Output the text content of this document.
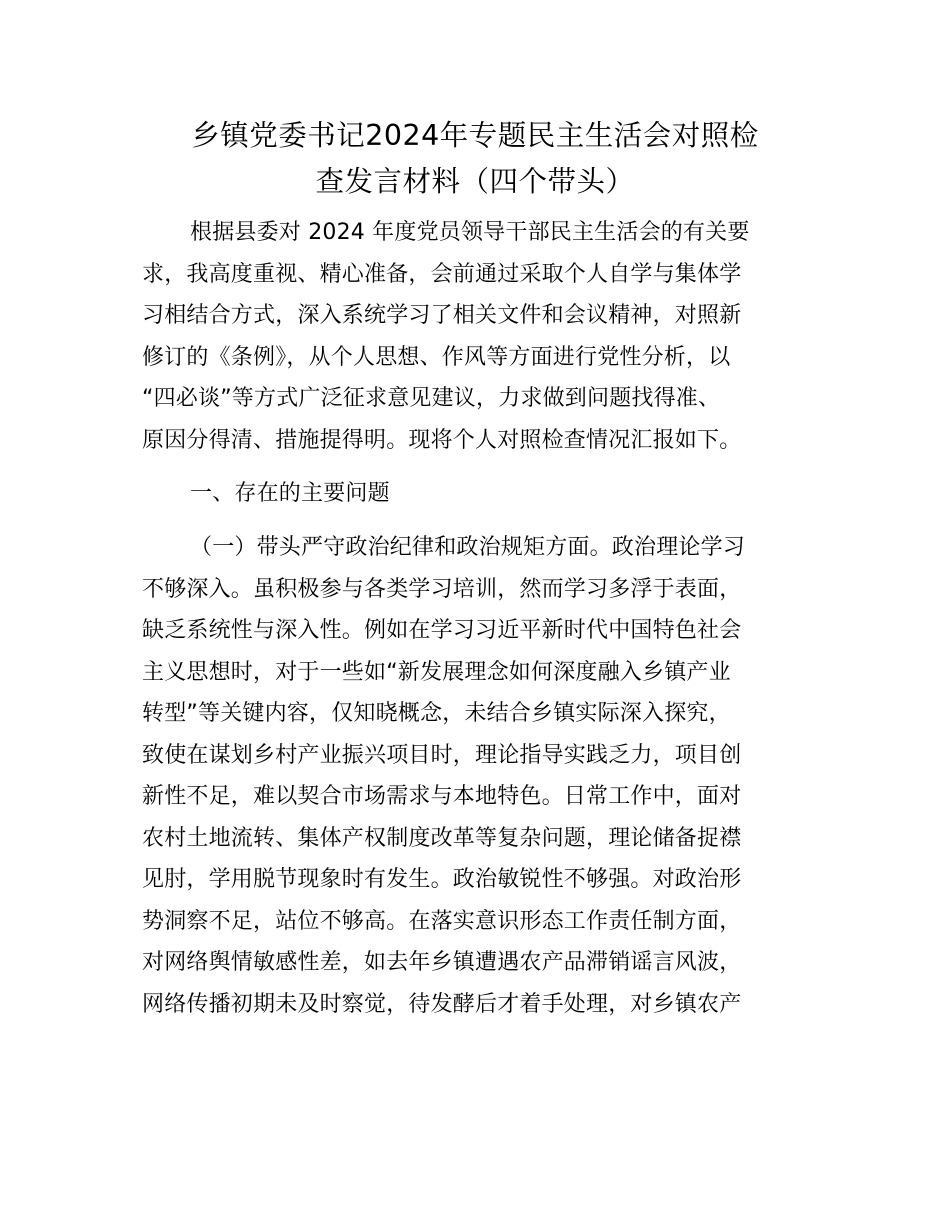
乡镇党委书记2024年专题民主生活会对照检
查发言材料（四个带头）
根据县委对 2024 年度党员领导干部民主生活会的有关要
求，我高度重视、精心准备，会前通过采取个人自学与集体学
习相结合方式，深入系统学习了相关文件和会议精神，对照新
修订的《条例》，从个人思想、作风等方面进行党性分析，以
“四必谈”等方式广泛征求意见建议，力求做到问题找得准、
原因分得清、措施提得明。现将个人对照检查情况汇报如下。
一、存在的主要问题
（一）带头严守政治纪律和政治规矩方面。政治理论学习
不够深入。虽积极参与各类学习培训，然而学习多浮于表面，
缺乏系统性与深入性。例如在学习习近平新时代中国特色社会
主义思想时，对于一些如“新发展理念如何深度融入乡镇产业
转型”等关键内容，仅知晓概念，未结合乡镇实际深入探究，
致使在谋划乡村产业振兴项目时，理论指导实践乏力，项目创
新性不足，难以契合市场需求与本地特色。日常工作中，面对
农村土地流转、集体产权制度改革等复杂问题，理论储备捉襟
见肘，学用脱节现象时有发生。政治敏锐性不够强。对政治形
势洞察不足，站位不够高。在落实意识形态工作责任制方面，
对网络舆情敏感性差，如去年乡镇遭遇农产品滞销谣言风波，
网络传播初期未及时察觉，待发酵后才着手处理，对乡镇农产
